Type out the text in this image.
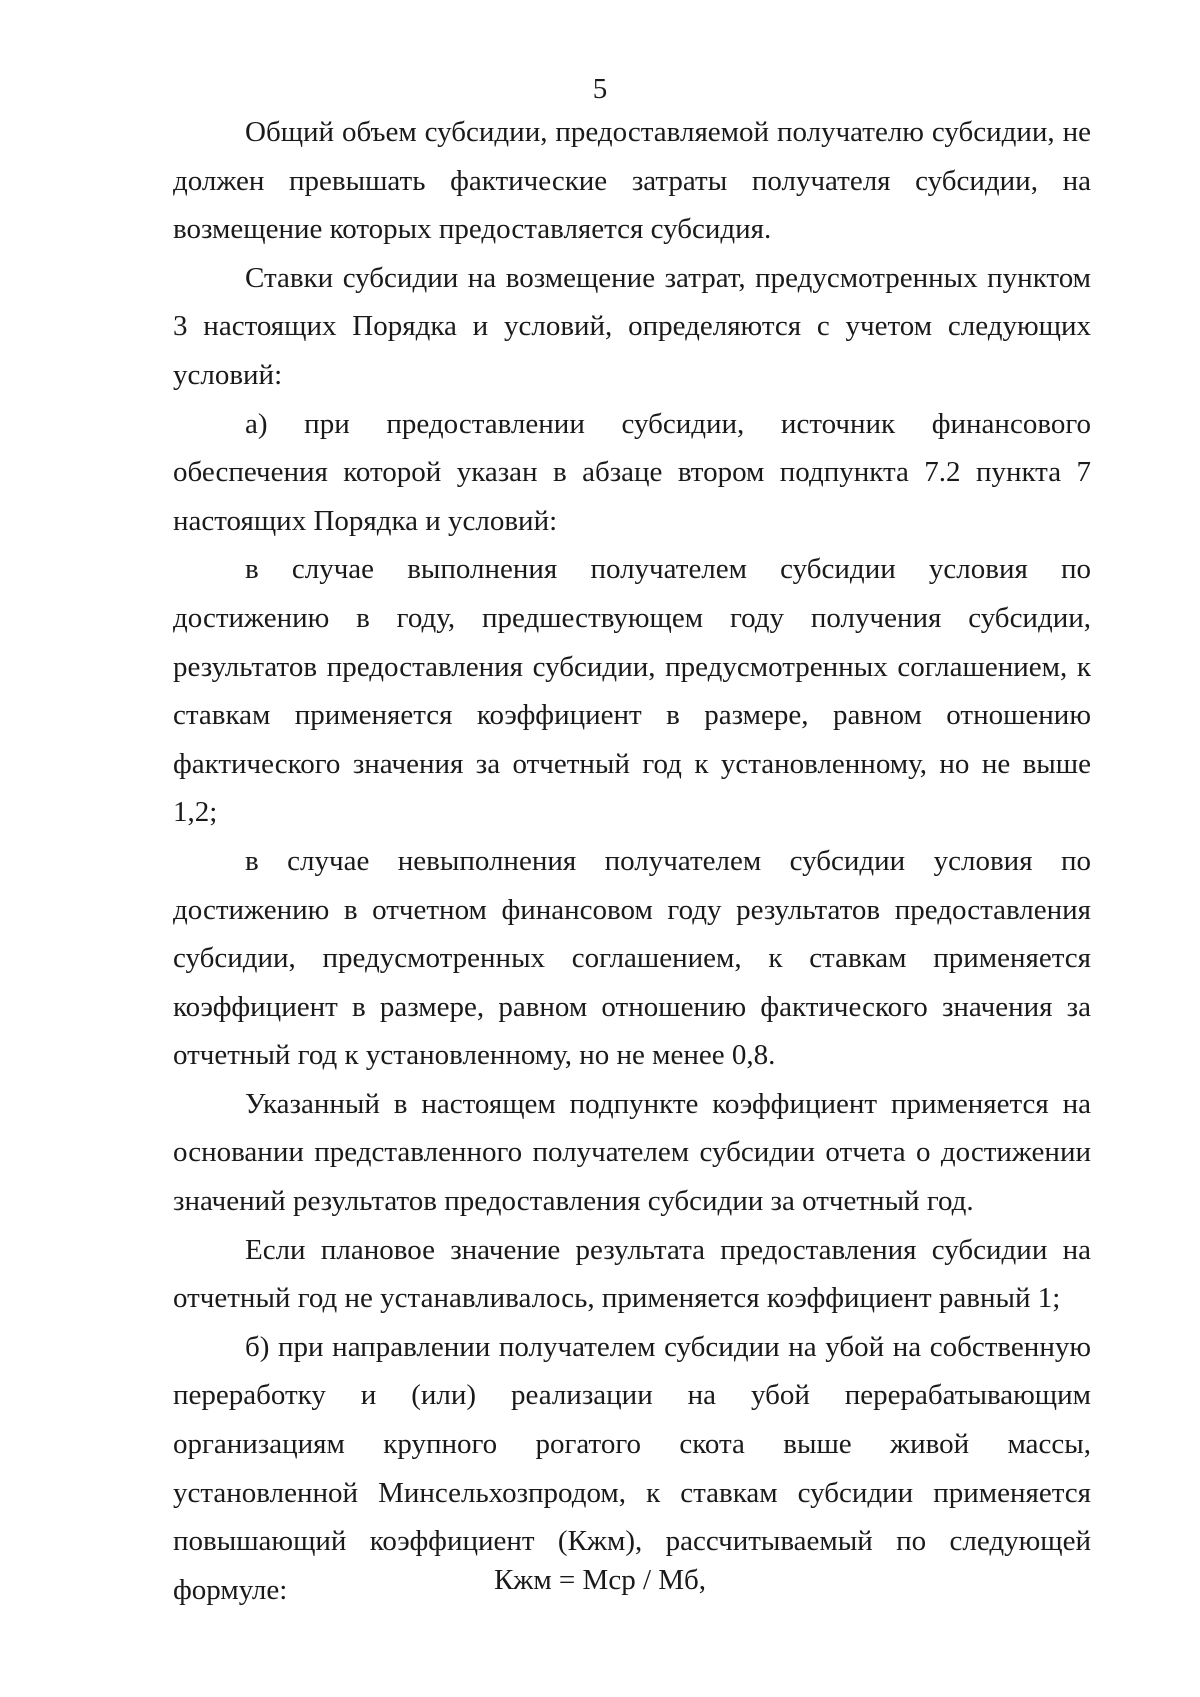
5

Общий объем субсидии, предоставляемой получателю субсидии, не должен превышать фактические затраты получателя субсидии, на возмещение которых предоставляется субсидия.

Ставки субсидии на возмещение затрат, предусмотренных пунктом 3 настоящих Порядка и условий, определяются с учетом следующих условий:

а) при предоставлении субсидии, источник финансового обеспечения которой указан в абзаце втором подпункта 7.2 пункта 7 настоящих Порядка и условий:

в случае выполнения получателем субсидии условия по достижению в году, предшествующем году получения субсидии, результатов предоставления субсидии, предусмотренных соглашением, к ставкам применяется коэффициент в размере, равном отношению фактического значения за отчетный год к установленному, но не выше 1,2;

в случае невыполнения получателем субсидии условия по достижению в отчетном финансовом году результатов предоставления субсидии, предусмотренных соглашением, к ставкам применяется коэффициент в размере, равном отношению фактического значения за отчетный год к установленному, но не менее 0,8.

Указанный в настоящем подпункте коэффициент применяется на основании представленного получателем субсидии отчета о достижении значений результатов предоставления субсидии за отчетный год.

Если плановое значение результата предоставления субсидии на отчетный год не устанавливалось, применяется коэффициент равный 1;

б) при направлении получателем субсидии на убой на собственную переработку и (или) реализации на убой перерабатывающим организациям крупного рогатого скота выше живой массы, установленной Минсельхозпродом, к ставкам субсидии применяется повышающий коэффициент (Кжм), рассчитываемый по следующей формуле:	Кжм = Мср / Мб,
